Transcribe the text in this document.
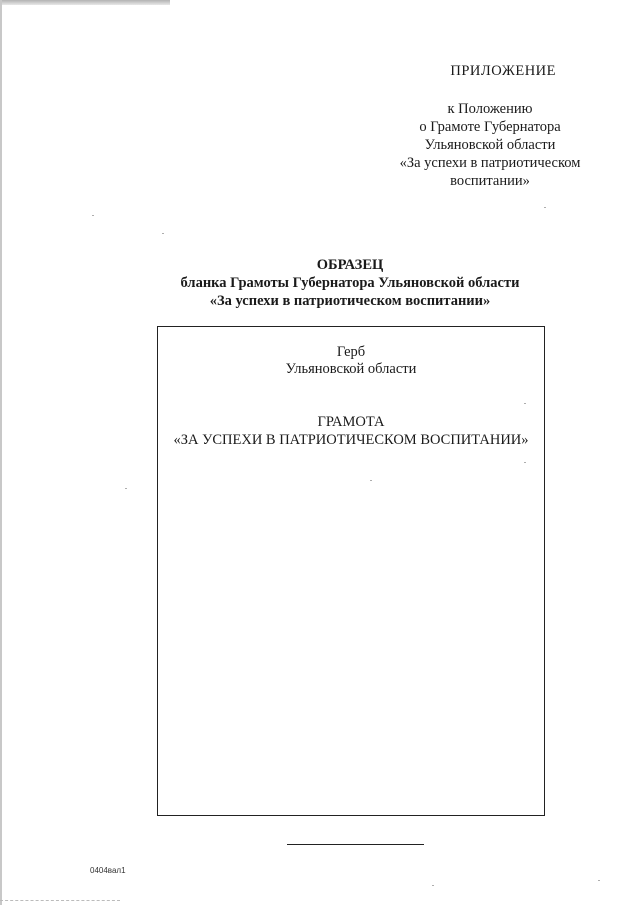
ПРИЛОЖЕНИЕ
к Положению
о Грамоте Губернатора
Ульяновской области
«За успехи в патриотическом
воспитании»
ОБРАЗЕЦ
бланка Грамоты Губернатора Ульяновской области
«За успехи в патриотическом воспитании»
Герб
Ульяновской области
ГРАМОТА
«ЗА УСПЕХИ В ПАТРИОТИЧЕСКОМ ВОСПИТАНИИ»
0404вал1
